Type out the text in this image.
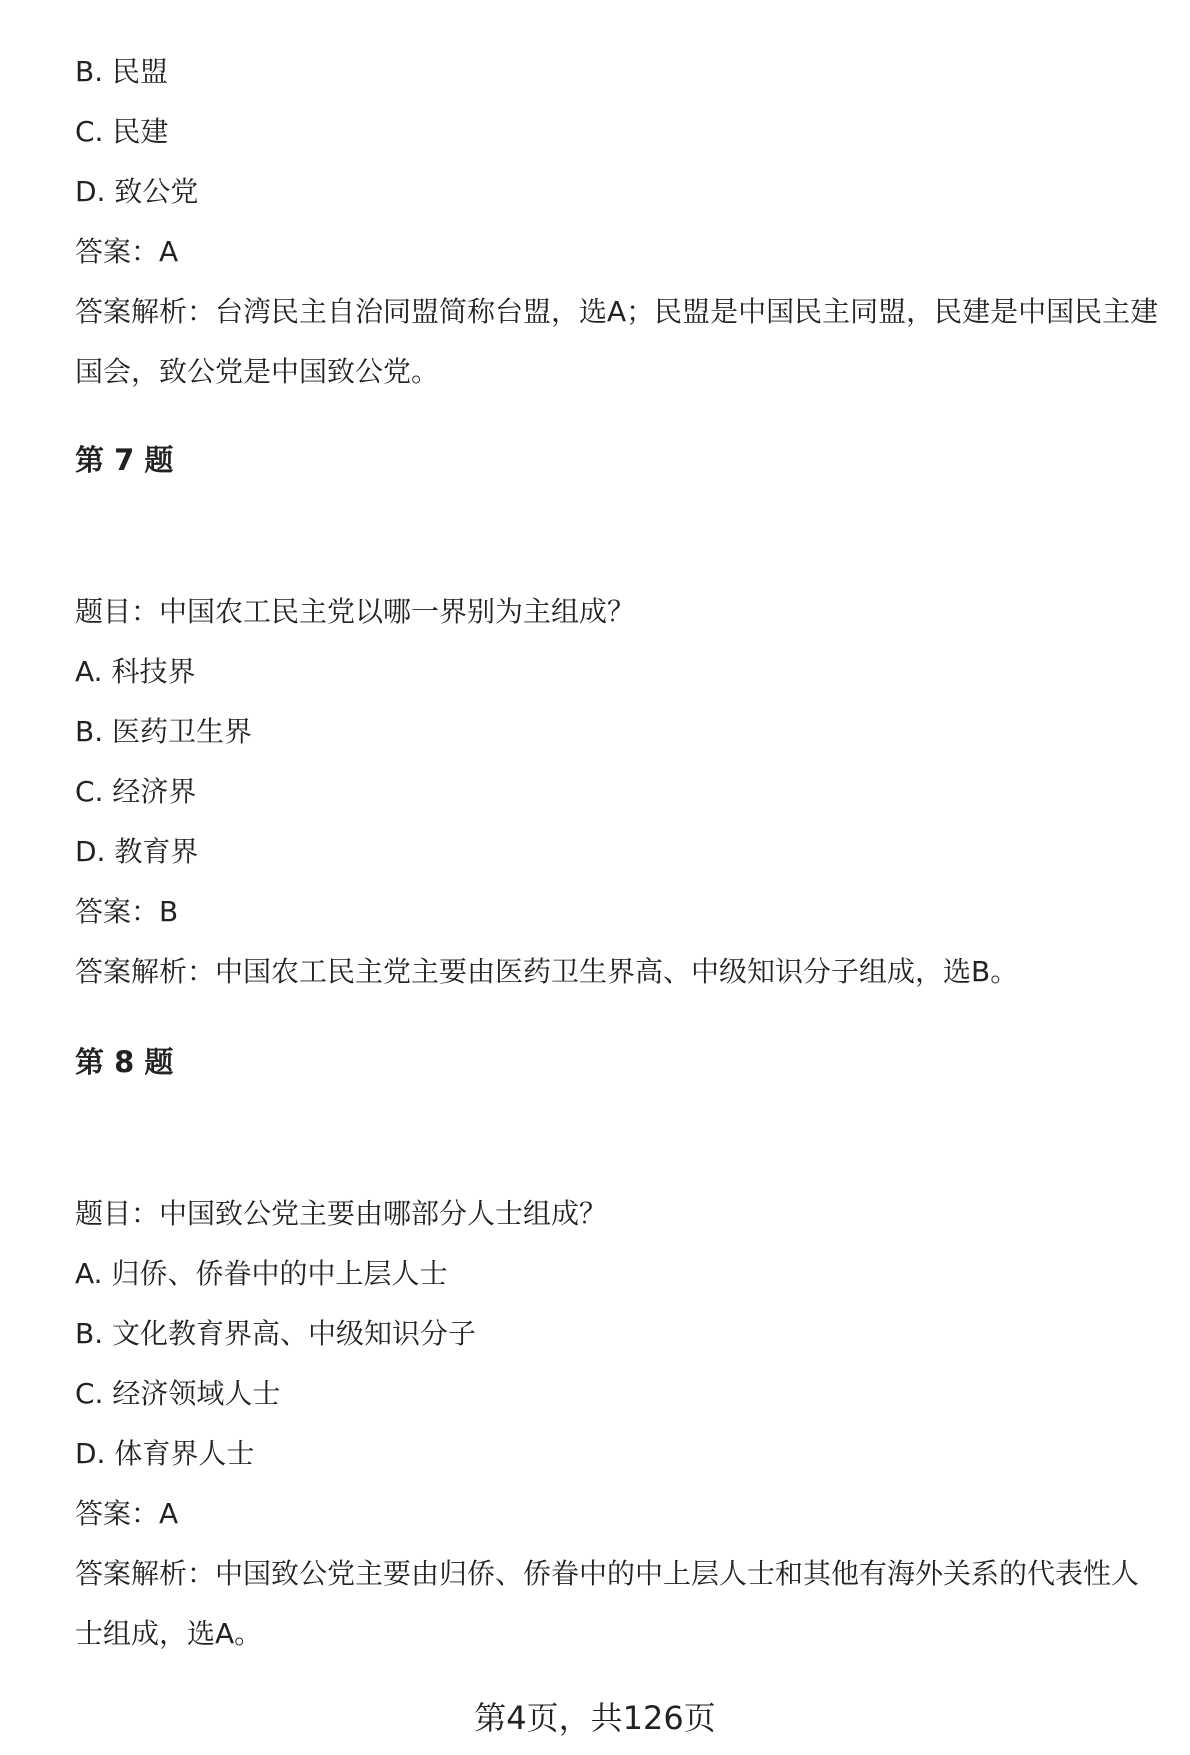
B. 民盟
C. 民建
D. 致公党
答案：A
答案解析：台湾民主自治同盟简称台盟，选A；民盟是中国民主同盟，民建是中国民主建国会，致公党是中国致公党。
第 7 题
题目：中国农工民主党以哪一界别为主组成？
A. 科技界
B. 医药卫生界
C. 经济界
D. 教育界
答案：B
答案解析：中国农工民主党主要由医药卫生界高、中级知识分子组成，选B。
第 8 题
题目：中国致公党主要由哪部分人士组成？
A. 归侨、侨眷中的中上层人士
B. 文化教育界高、中级知识分子
C. 经济领域人士
D. 体育界人士
答案：A
答案解析：中国致公党主要由归侨、侨眷中的中上层人士和其他有海外关系的代表性人士组成，选A。
第4页，共126页
